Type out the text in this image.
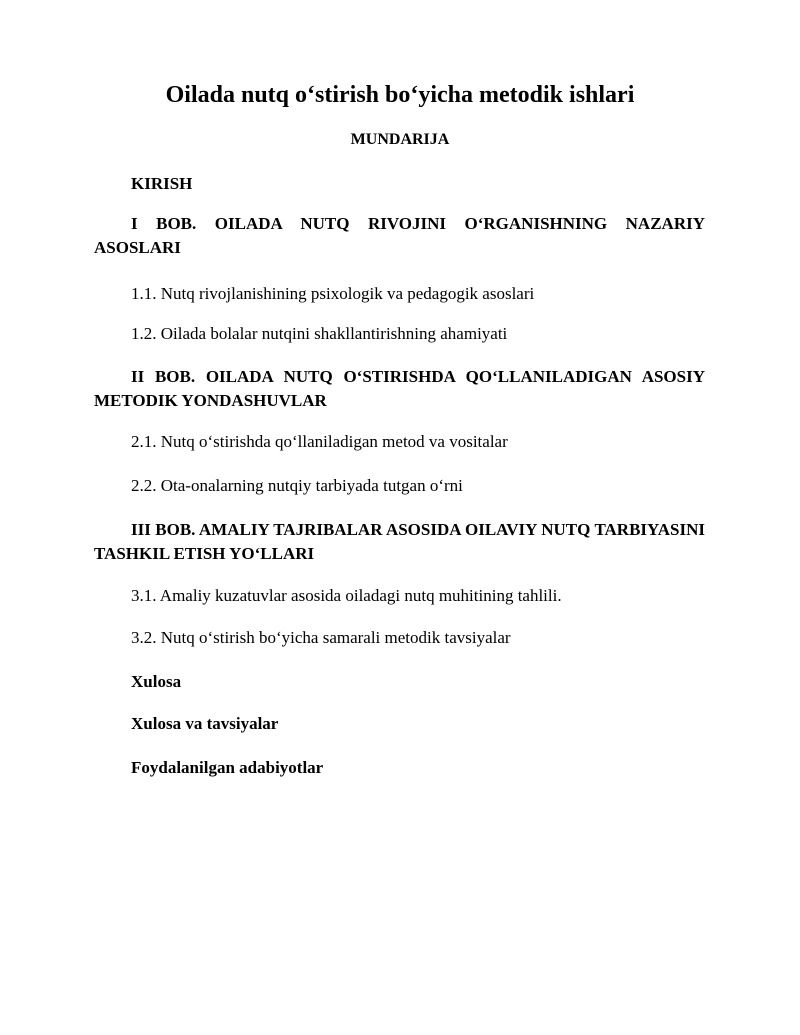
Oilada nutq o‘stirish bo‘yicha metodik ishlari
MUNDARIJA

KIRISH

I BOB. OILADA NUTQ RIVOJINI O‘RGANISHNING NAZARIY ASOSLARI

1.1. Nutq rivojlanishining psixologik va pedagogik asoslari

1.2. Oilada bolalar nutqini shakllantirishning ahamiyati

II BOB. OILADA NUTQ O‘STIRISHDA QO‘LLANILADIGAN ASOSIY METODIK YONDASHUVLAR

2.1. Nutq o‘stirishda qo‘llaniladigan metod va vositalar

2.2. Ota-onalarning nutqiy tarbiyada tutgan o‘rni

III BOB. AMALIY TAJRIBALAR ASOSIDA OILAVIY NUTQ TARBIYASINI TASHKIL ETISH YO‘LLARI

3.1. Amaliy kuzatuvlar asosida oiladagi nutq muhitining tahlili.

3.2. Nutq o‘stirish bo‘yicha samarali metodik tavsiyalar

Xulosa

Xulosa va tavsiyalar

Foydalanilgan adabiyotlar
